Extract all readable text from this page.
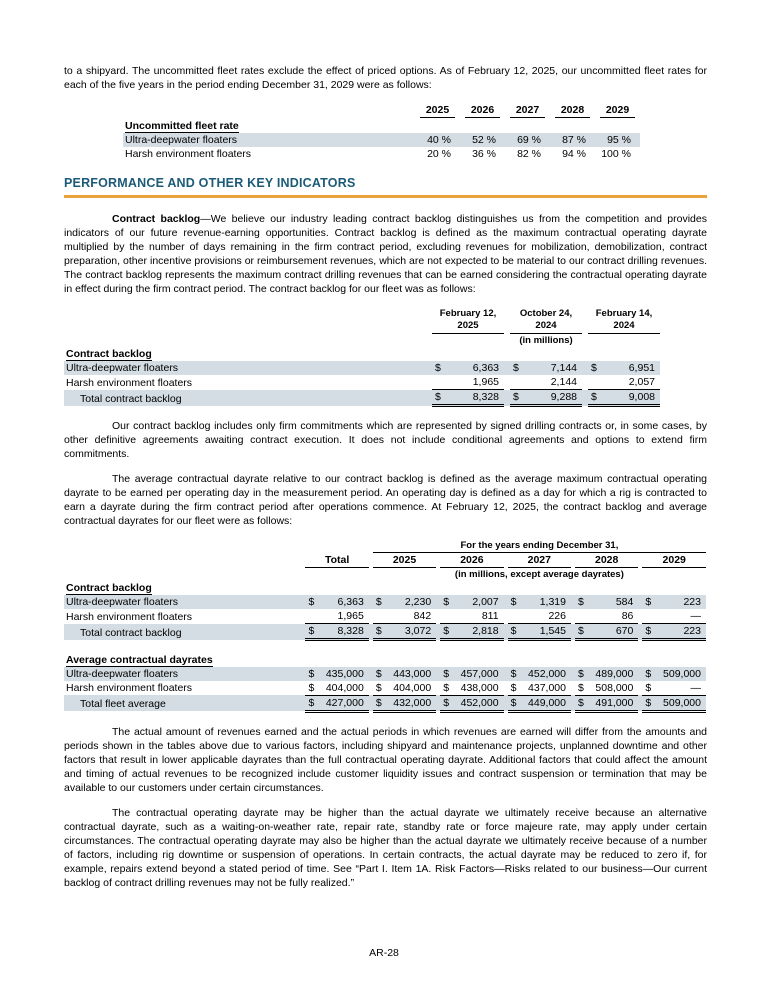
to a shipyard. The uncommitted fleet rates exclude the effect of priced options. As of February 12, 2025, our uncommitted fleet rates for each of the five years in the period ending December 31, 2029 were as follows:

	2025	2026	2027	2028	2029

Uncommitted fleet rate					
Ultra-deepwater floaters	40 %	52 %	69 %	87 %	95 %
Harsh environment floaters	20 %	36 %	82 %	94 %	100 %
PERFORMANCE AND OTHER KEY INDICATORS

Contract backlog—We believe our industry leading contract backlog distinguishes us from the competition and provides indicators of our future revenue-earning opportunities. Contract backlog is defined as the maximum contractual operating dayrate multiplied by the number of days remaining in the firm contract period, excluding revenues for mobilization, demobilization, contract preparation, other incentive provisions or reimbursement revenues, which are not expected to be material to our contract drilling revenues. The contract backlog represents the maximum contract drilling revenues that can be earned considering the contractual operating dayrate in effect during the firm contract period. The contract backlog for our fleet was as follows:

February 12,
2025

October 24,
2024

February 14,
2024

				(in millions)				
Contract backlog								
Ultra-deepwater floaters	$	6,363		$	7,144		$	6,951
Harsh environment floaters		1,965			2,144			2,057
Total contract backlog	$	8,328		$	9,288		$	9,008

Our contract backlog includes only firm commitments which are represented by signed drilling contracts or, in some cases, by other definitive agreements awaiting contract execution. It does not include conditional agreements and options to extend firm commitments.

The average contractual dayrate relative to our contract backlog is defined as the average maximum contractual operating dayrate to be earned per operating day in the measurement period. An operating day is defined as a day for which a rig is contracted to earn a dayrate during the firm contract period after operations commence. At February 12, 2025, the contract backlog and average contractual dayrates for our fleet were as follows:

				For the years ending December 31,													
	Total			2025			2026			2027			2028			2029	
				(in millions, except average dayrates)													
Contract backlog																	
Ultra-deepwater floaters	$	6,363		$	2,230		$	2,007		$	1,319		$	584		$	223
Harsh environment floaters		1,965			842			811			226			86			—
Total contract backlog	$	8,328		$	3,072		$	2,818		$	1,545		$	670		$	223

Average contractual dayrates																	
Ultra-deepwater floaters	$	435,000		$	443,000		$	457,000		$	452,000		$	489,000		$	509,000
Harsh environment floaters	$	404,000		$	404,000		$	438,000		$	437,000		$	508,000		$	—
Total fleet average	$	427,000		$	432,000		$	452,000		$	449,000		$	491,000		$	509,000

The actual amount of revenues earned and the actual periods in which revenues are earned will differ from the amounts and periods shown in the tables above due to various factors, including shipyard and maintenance projects, unplanned downtime and other factors that result in lower applicable dayrates than the full contractual operating dayrate. Additional factors that could affect the amount and timing of actual revenues to be recognized include customer liquidity issues and contract suspension or termination that may be available to our customers under certain circumstances.

The contractual operating dayrate may be higher than the actual dayrate we ultimately receive because an alternative contractual dayrate, such as a waiting-on-weather rate, repair rate, standby rate or force majeure rate, may apply under certain circumstances. The contractual operating dayrate may also be higher than the actual dayrate we ultimately receive because of a number of factors, including rig downtime or suspension of operations. In certain contracts, the actual dayrate may be reduced to zero if, for example, repairs extend beyond a stated period of time. See “Part I. Item 1A. Risk Factors—Risks related to our business—Our current backlog of contract drilling revenues may not be fully realized.”

AR-28
